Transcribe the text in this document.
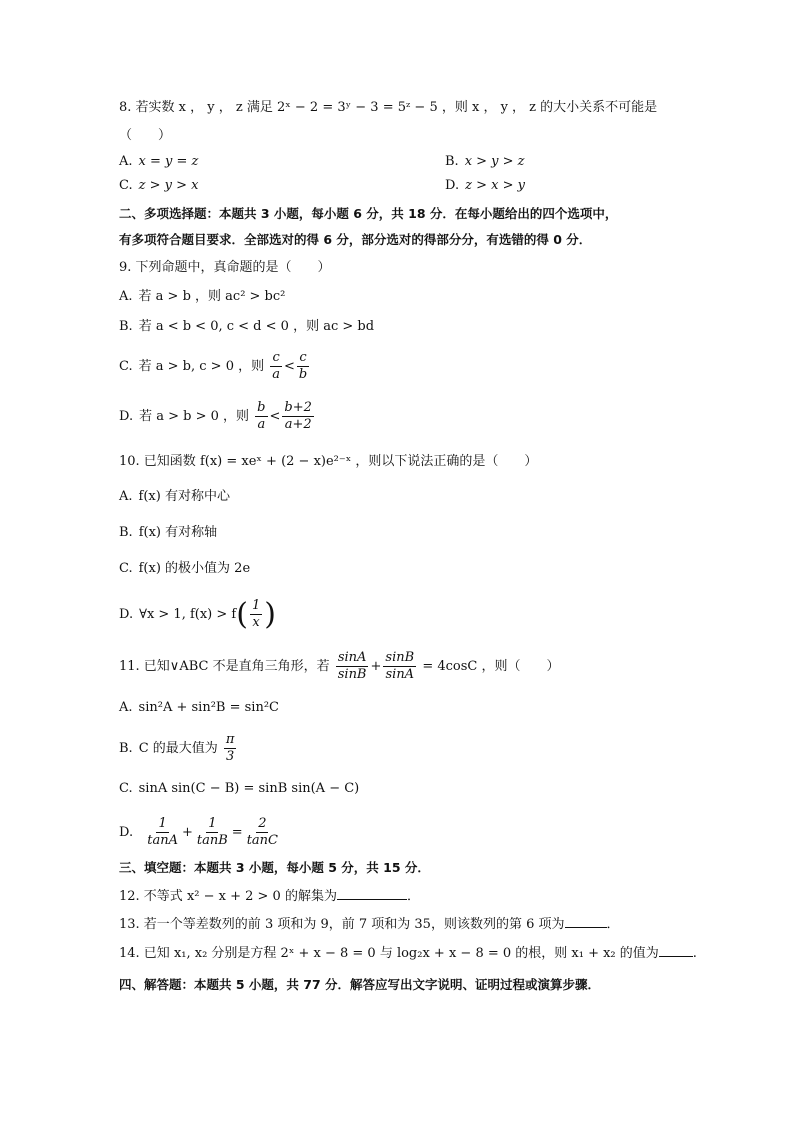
8. 若实数 x ， y ， z 满足 2ˣ − 2 = 3ʸ − 3 = 5ᶻ − 5 ，则 x ， y ， z 的大小关系不可能是
（　　）
A. x = y = z	B. x > y > z
C. z > y > x	D. z > x > y
二、多项选择题：本题共 3 小题，每小题 6 分，共 18 分．在每小题给出的四个选项中，
有多项符合题目要求．全部选对的得 6 分，部分选对的得部分分，有选错的得 0 分．
9. 下列命题中，真命题的是（　　）
A. 若 a > b ，则 ac² > bc²
B. 若 a < b < 0, c < d < 0 ，则 ac > bd
C. 若 a > b, c > 0 ，则 $\frac{c}{a} < \frac{c}{b}$
D. 若 a > b > 0 ，则 $\frac{b}{a} < \frac{b+2}{a+2}$
10. 已知函数 f(x) = xeˣ + (2 − x)e²⁻ˣ ，则以下说法正确的是（　　）
A. f(x) 有对称中心
B. f(x) 有对称轴
C. f(x) 的极小值为 2e
D. ∀x > 1, $f(x) > f( \frac{1}{x}$ )
11. 已知∨ABC 不是直角三角形，若 $\frac{\sin A}{\sin B} + \frac{\sin B}{\sin A} = 4\cos C$ ，则（　　）
A. sin²A + sin²B = sin²C
B. C 的最大值为 $\frac{\pi}{3}$
C. sinA sin(C − B) = sinB sin(A − C)
D. $\frac{1}{\tan A} + \frac{1}{\tan B} = \frac{2}{\tan C}$
三、填空题：本题共 3 小题，每小题 5 分，共 15 分．
12. 不等式 x² − x + 2 > 0 的解集为	．
13. 若一个等差数列的前 3 项和为 9，前 7 项和为 35，则该数列的第 6 项为	．
14. 已知 x₁, x₂ 分别是方程 2ˣ + x − 8 = 0 与 log₂x + x − 8 = 0 的根，则 x₁ + x₂ 的值为	.
四、解答题：本题共 5 小题，共 77 分．解答应写出文字说明、证明过程或演算步骤．
